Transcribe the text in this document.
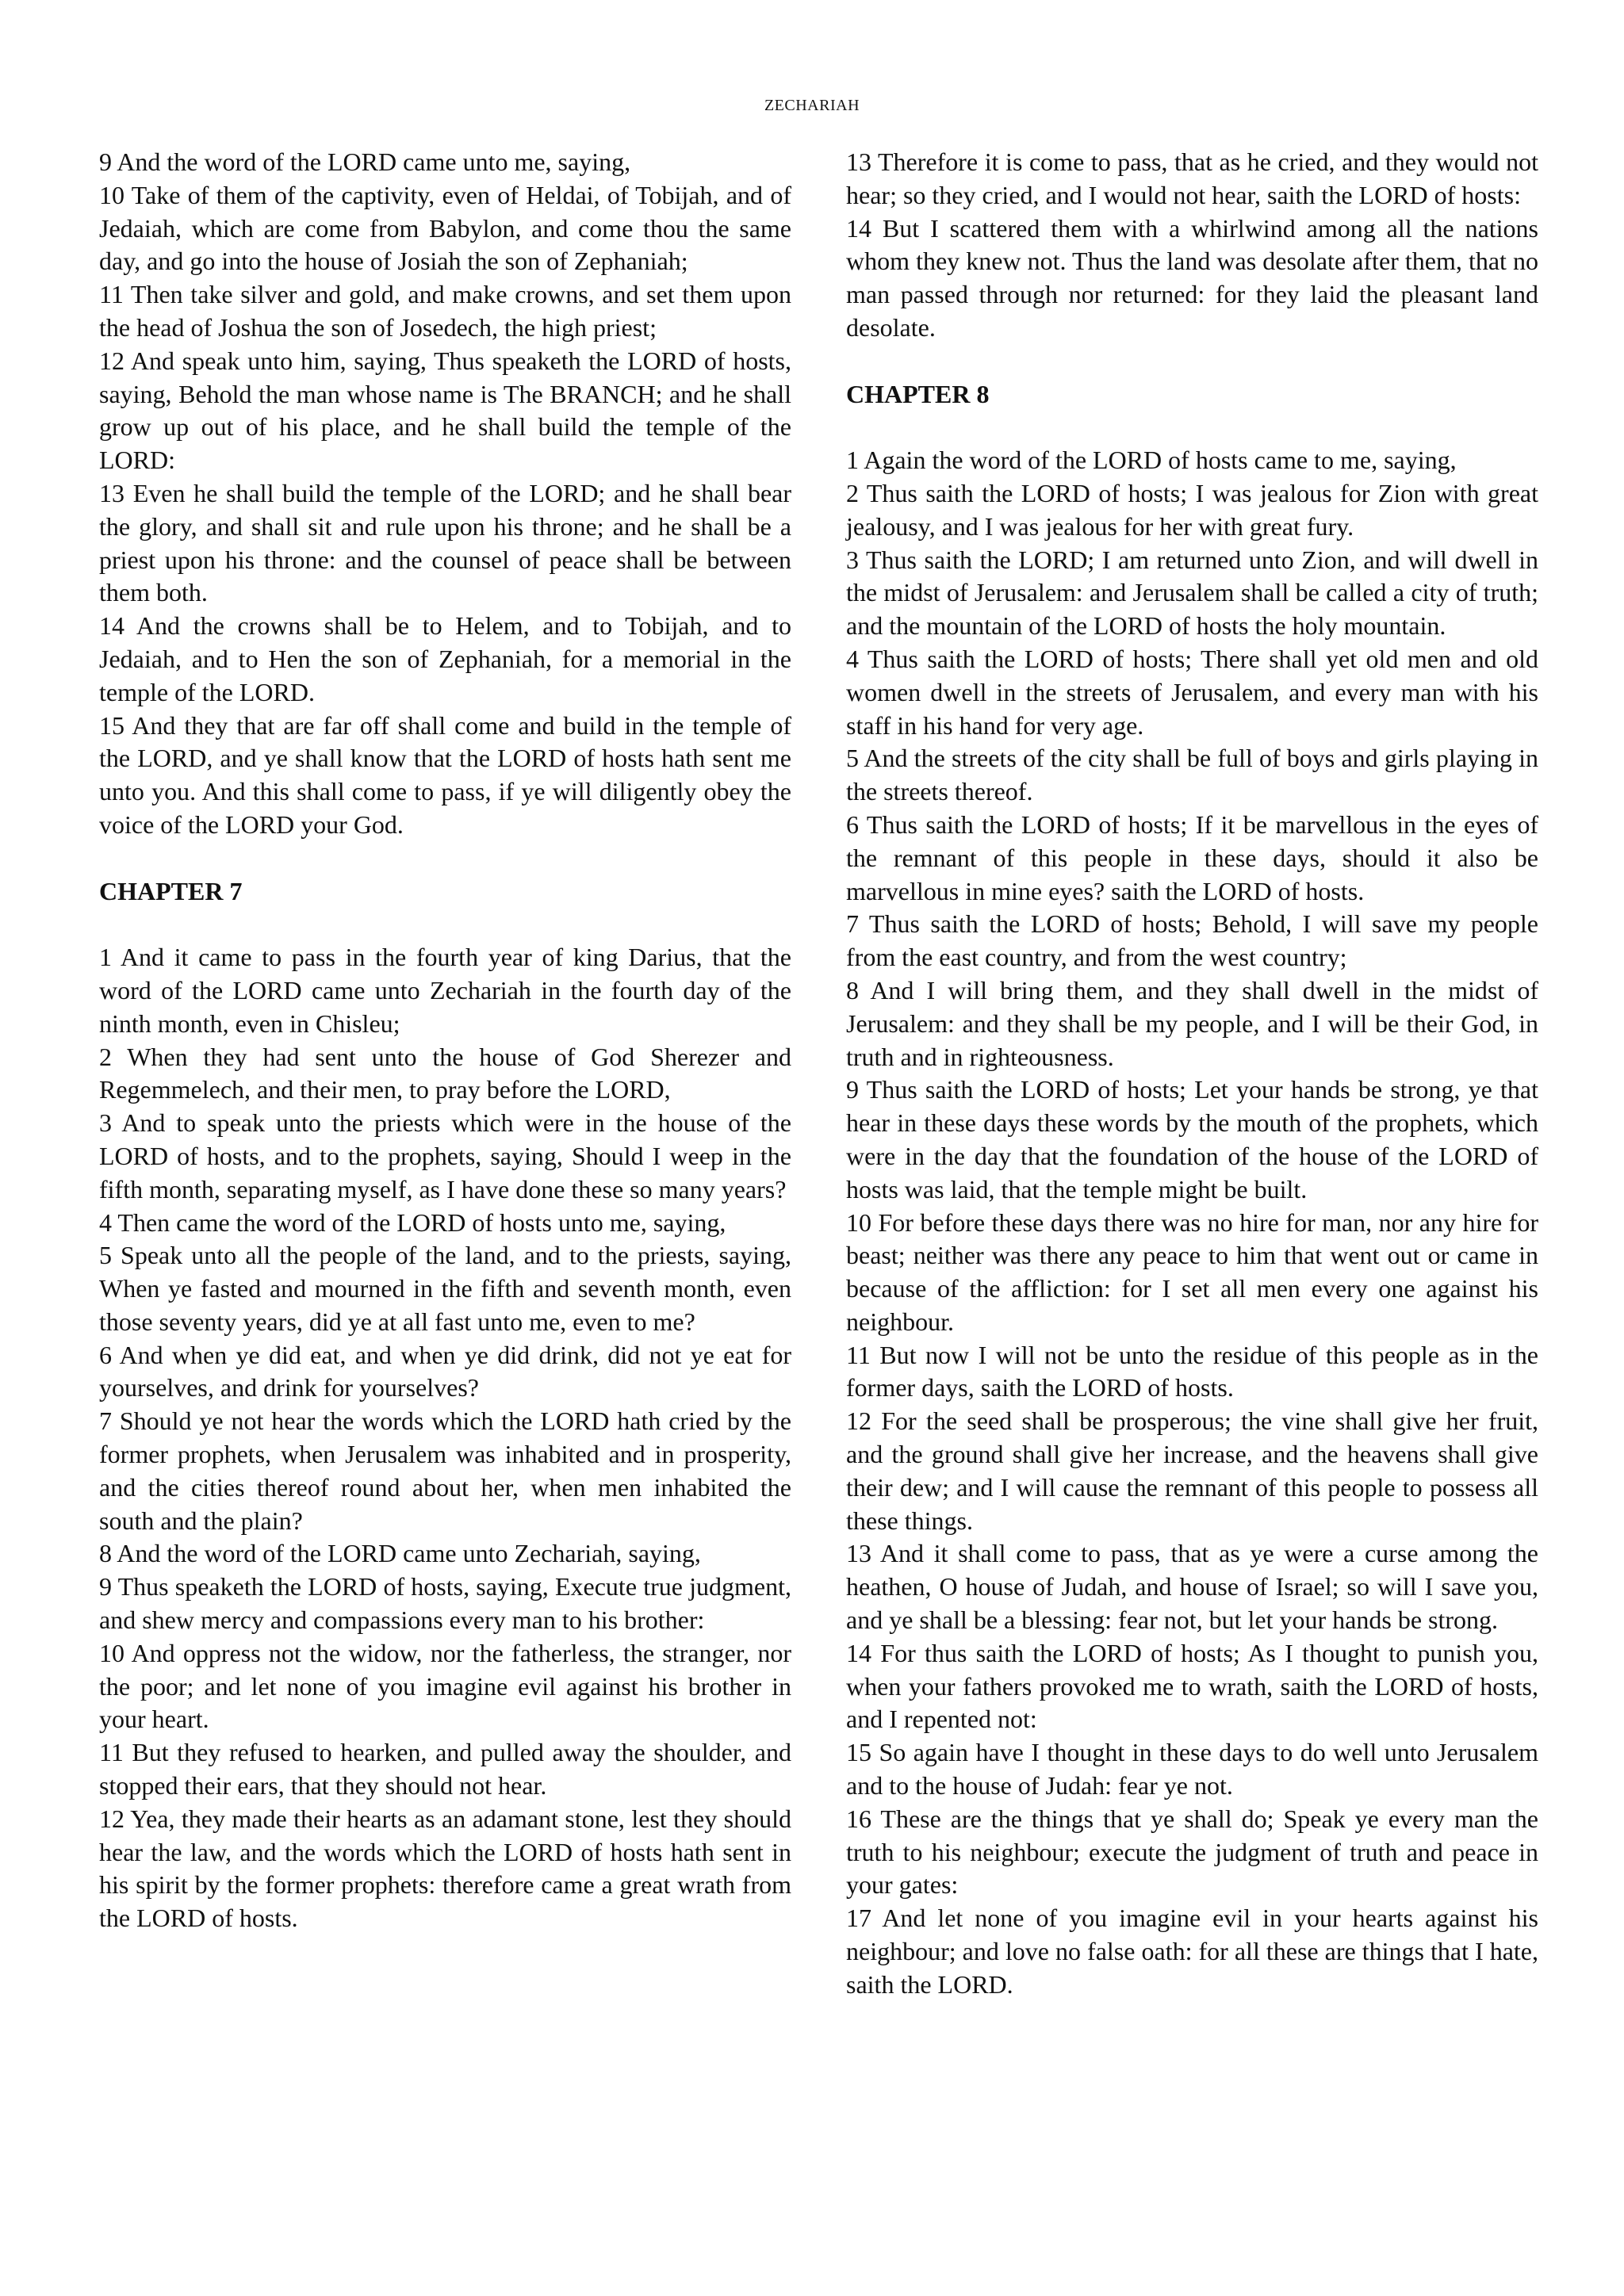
ZECHARIAH

9 And the word of the LORD came unto me, saying,

10 Take of them of the captivity, even of Heldai, of Tobijah, and of Jedaiah, which are come from Babylon, and come thou the same day, and go into the house of Josiah the son of Zephaniah;

11 Then take silver and gold, and make crowns, and set them upon the head of Joshua the son of Josedech, the high priest;

12 And speak unto him, saying, Thus speaketh the LORD of hosts, saying, Behold the man whose name is The BRANCH; and he shall grow up out of his place, and he shall build the temple of the LORD:

13 Even he shall build the temple of the LORD; and he shall bear the glory, and shall sit and rule upon his throne; and he shall be a priest upon his throne: and the counsel of peace shall be between them both.

14 And the crowns shall be to Helem, and to Tobijah, and to Jedaiah, and to Hen the son of Zephaniah, for a memorial in the temple of the LORD.

15 And they that are far off shall come and build in the temple of the LORD, and ye shall know that the LORD of hosts hath sent me unto you. And this shall come to pass, if ye will diligently obey the voice of the LORD your God.

CHAPTER 7

1 And it came to pass in the fourth year of king Darius, that the word of the LORD came unto Zechariah in the fourth day of the ninth month, even in Chisleu;

2 When they had sent unto the house of God Sherezer and Regemmelech, and their men, to pray before the LORD,

3 And to speak unto the priests which were in the house of the LORD of hosts, and to the prophets, saying, Should I weep in the fifth month, separating myself, as I have done these so many years?

4 Then came the word of the LORD of hosts unto me, saying,

5 Speak unto all the people of the land, and to the priests, saying, When ye fasted and mourned in the fifth and seventh month, even those seventy years, did ye at all fast unto me, even to me?

6 And when ye did eat, and when ye did drink, did not ye eat for yourselves, and drink for yourselves?

7 Should ye not hear the words which the LORD hath cried by the former prophets, when Jerusalem was inhabited and in prosperity, and the cities thereof round about her, when men inhabited the south and the plain?

8 And the word of the LORD came unto Zechariah, saying,

9 Thus speaketh the LORD of hosts, saying, Execute true judgment, and shew mercy and compassions every man to his brother:

10 And oppress not the widow, nor the fatherless, the stranger, nor the poor; and let none of you imagine evil against his brother in your heart.

11 But they refused to hearken, and pulled away the shoulder, and stopped their ears, that they should not hear.

12 Yea, they made their hearts as an adamant stone, lest they should hear the law, and the words which the LORD of hosts hath sent in his spirit by the former prophets: therefore came a great wrath from the LORD of hosts.

13 Therefore it is come to pass, that as he cried, and they would not hear; so they cried, and I would not hear, saith the LORD of hosts:

14 But I scattered them with a whirlwind among all the nations whom they knew not. Thus the land was desolate after them, that no man passed through nor returned: for they laid the pleasant land desolate.

CHAPTER 8

1 Again the word of the LORD of hosts came to me, saying,

2 Thus saith the LORD of hosts; I was jealous for Zion with great jealousy, and I was jealous for her with great fury.

3 Thus saith the LORD; I am returned unto Zion, and will dwell in the midst of Jerusalem: and Jerusalem shall be called a city of truth; and the mountain of the LORD of hosts the holy mountain.

4 Thus saith the LORD of hosts; There shall yet old men and old women dwell in the streets of Jerusalem, and every man with his staff in his hand for very age.

5 And the streets of the city shall be full of boys and girls playing in the streets thereof.

6 Thus saith the LORD of hosts; If it be marvellous in the eyes of the remnant of this people in these days, should it also be marvellous in mine eyes? saith the LORD of hosts.

7 Thus saith the LORD of hosts; Behold, I will save my people from the east country, and from the west country;

8 And I will bring them, and they shall dwell in the midst of Jerusalem: and they shall be my people, and I will be their God, in truth and in righteousness.

9 Thus saith the LORD of hosts; Let your hands be strong, ye that hear in these days these words by the mouth of the prophets, which were in the day that the foundation of the house of the LORD of hosts was laid, that the temple might be built.

10 For before these days there was no hire for man, nor any hire for beast; neither was there any peace to him that went out or came in because of the affliction: for I set all men every one against his neighbour.

11 But now I will not be unto the residue of this people as in the former days, saith the LORD of hosts.

12 For the seed shall be prosperous; the vine shall give her fruit, and the ground shall give her increase, and the heavens shall give their dew; and I will cause the remnant of this people to possess all these things.

13 And it shall come to pass, that as ye were a curse among the heathen, O house of Judah, and house of Israel; so will I save you, and ye shall be a blessing: fear not, but let your hands be strong.

14 For thus saith the LORD of hosts; As I thought to punish you, when your fathers provoked me to wrath, saith the LORD of hosts, and I repented not:

15 So again have I thought in these days to do well unto Jerusalem and to the house of Judah: fear ye not.

16 These are the things that ye shall do; Speak ye every man the truth to his neighbour; execute the judgment of truth and peace in your gates:

17 And let none of you imagine evil in your hearts against his neighbour; and love no false oath: for all these are things that I hate, saith the LORD.
